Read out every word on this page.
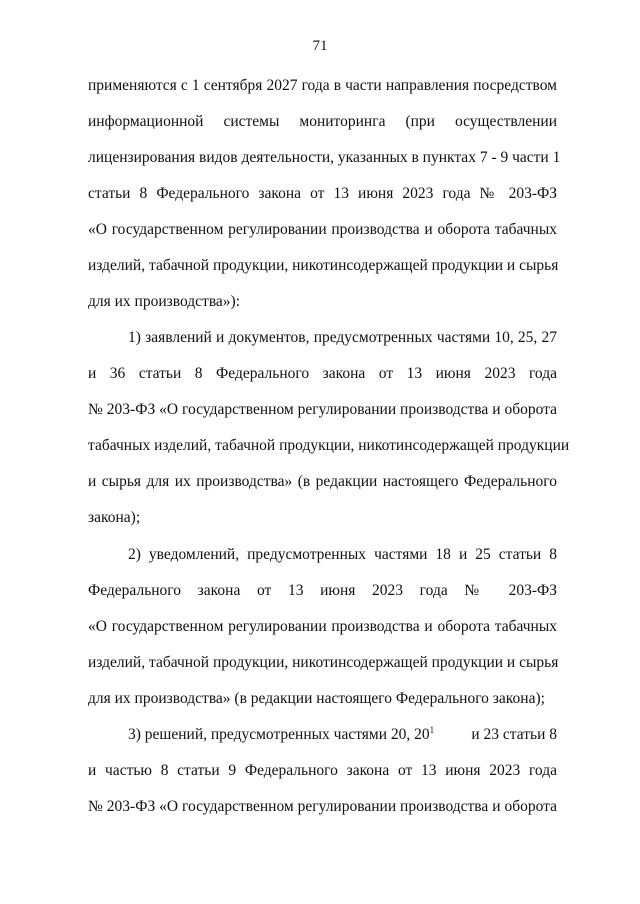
71
применяются с 1 сентября 2027 года в части направления посредством
информационной системы мониторинга (при осуществлении
лицензирования видов деятельности, указанных в пунктах 7 - 9 части 1
статьи 8 Федерального закона от 13 июня 2023 года № 203-ФЗ
«О государственном регулировании производства и оборота табачных
изделий, табачной продукции, никотинсодержащей продукции и сырья
для их производства»):
1) заявлений и документов, предусмотренных частями 10, 25, 27
и 36 статьи 8 Федерального закона от 13 июня 2023 года
№ 203-ФЗ «О государственном регулировании производства и оборота
табачных изделий, табачной продукции, никотинсодержащей продукции
и сырья для их производства» (в редакции настоящего Федерального
закона);
2) уведомлений, предусмотренных частями 18 и 25 статьи 8
Федерального закона от 13 июня 2023 года № 203-ФЗ
«О государственном регулировании производства и оборота табачных
изделий, табачной продукции, никотинсодержащей продукции и сырья
для их производства» (в редакции настоящего Федерального закона);
3) решений, предусмотренных частями 20, $20^1$ и 23 статьи 8
и частью 8 статьи 9 Федерального закона от 13 июня 2023 года
№ 203-ФЗ «О государственном регулировании производства и оборота
